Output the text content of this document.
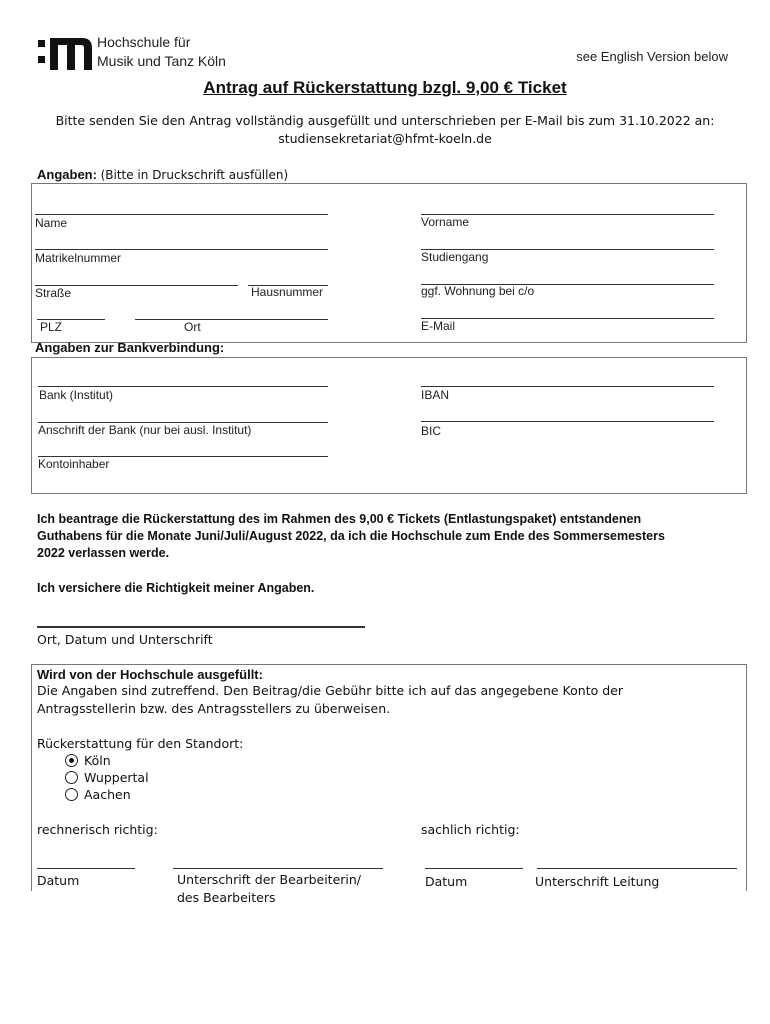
Hochschule für
Musik und Tanz Köln	see English Version below
Antrag auf Rückerstattung bzgl. 9,00 € Ticket
Bitte senden Sie den Antrag vollständig ausgefüllt und unterschrieben per E-Mail bis zum 31.10.2022 an:
studiensekretariat@hfmt-koeln.de
Angaben: (Bitte in Druckschrift ausfüllen)
Name	Vorname
Matrikelnummer	Studiengang
Straße	Hausnummer	ggf. Wohnung bei c/o
PLZ	Ort	E-Mail
Angaben zur Bankverbindung:
Bank (Institut)	IBAN
Anschrift der Bank (nur bei ausl. Institut)	BIC
Kontoinhaber
Ich beantrage die Rückerstattung des im Rahmen des 9,00 € Tickets (Entlastungspaket) entstandenen
Guthabens für die Monate Juni/Juli/August 2022, da ich die Hochschule zum Ende des Sommersemesters
2022 verlassen werde.
Ich versichere die Richtigkeit meiner Angaben.
Ort, Datum und Unterschrift
Wird von der Hochschule ausgefüllt:
Die Angaben sind zutreffend. Den Beitrag/die Gebühr bitte ich auf das angegebene Konto der
Antragsstellerin bzw. des Antragsstellers zu überweisen.
Rückerstattung für den Standort:
Köln
Wuppertal
Aachen
rechnerisch richtig:	sachlich richtig:
Datum	Unterschrift der Bearbeiterin/
des Bearbeiters
Datum	Unterschrift Leitung
